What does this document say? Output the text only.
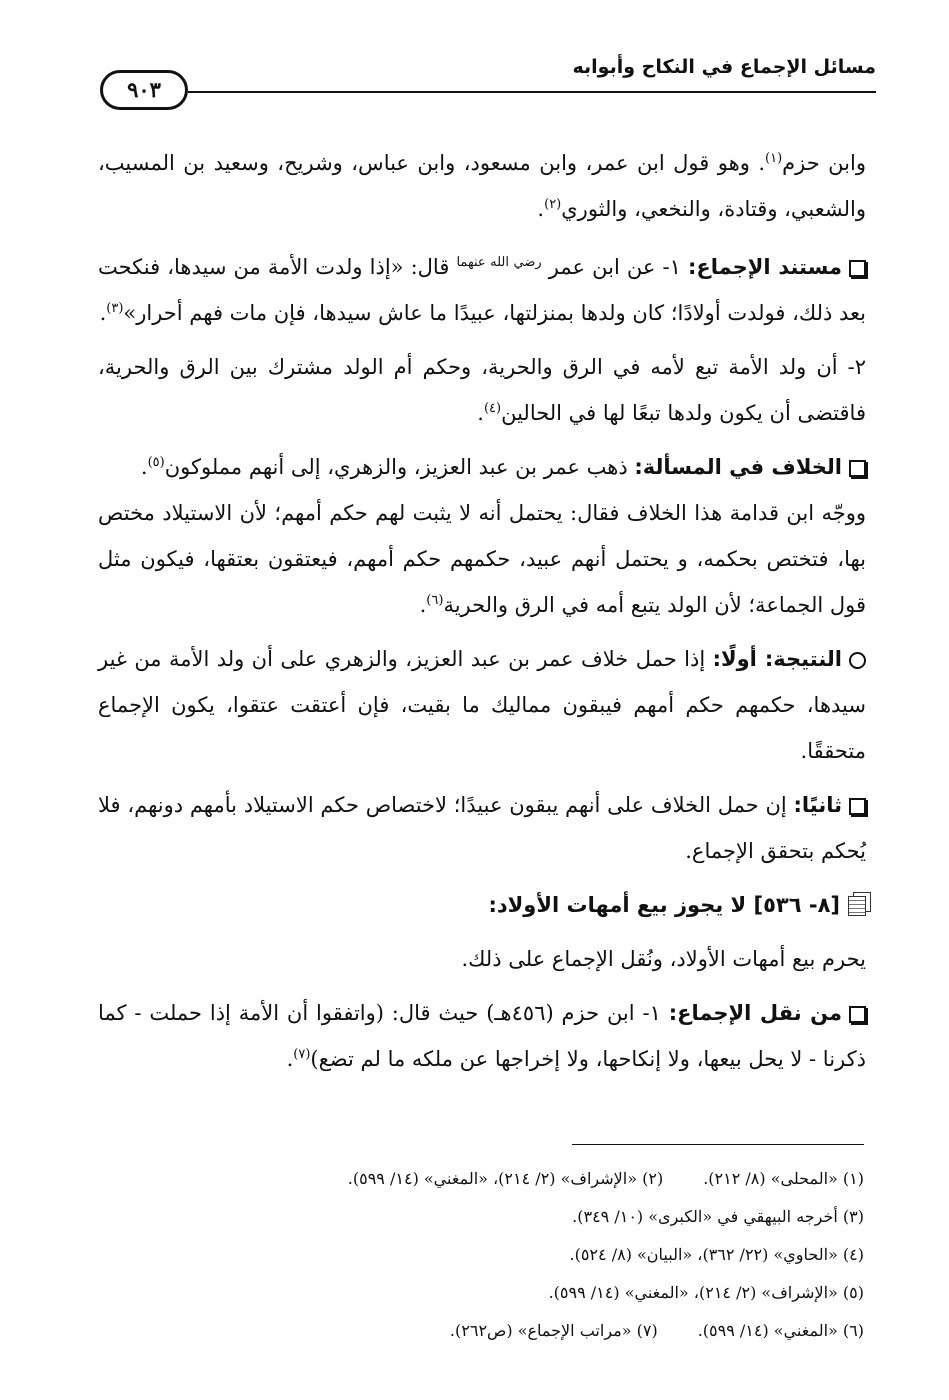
مسائل الإجماع في النكاح وأبوابه
٩٠٣

وابن حزم$^{(١)}$. وهو قول ابن عمر، وابن مسعود، وابن عباس، وشريح، وسعيد بن المسيب، والشعبي، وقتادة، والنخعي، والثوري$^{(٢)}$.

مستند الإجماع: ١- عن ابن عمر $^{رضي الله عنهما}$ قال: «إذا ولدت الأمة من سيدها، فنكحت بعد ذلك، فولدت أولادًا؛ كان ولدها بمنزلتها، عبيدًا ما عاش سيدها، فإن مات فهم أحرار»$^{(٣)}$.

٢- أن ولد الأمة تبع لأمه في الرق والحرية، وحكم أم الولد مشترك بين الرق والحرية، فاقتضى أن يكون ولدها تبعًا لها في الحالين$^{(٤)}$.

الخلاف في المسألة: ذهب عمر بن عبد العزيز، والزهري، إلى أنهم مملوكون$^{(٥)}$.

ووجّه ابن قدامة هذا الخلاف فقال: يحتمل أنه لا يثبت لهم حكم أمهم؛ لأن الاستيلاد مختص بها، فتختص بحكمه، و يحتمل أنهم عبيد، حكمهم حكم أمهم، فيعتقون بعتقها، فيكون مثل قول الجماعة؛ لأن الولد يتبع أمه في الرق والحرية$^{(٦)}$.

النتيجة: أولًا: إذا حمل خلاف عمر بن عبد العزيز، والزهري على أن ولد الأمة من غير سيدها، حكمهم حكم أمهم فيبقون مماليك ما بقيت، فإن أعتقت عتقوا، يكون الإجماع متحققًا.

ثانيًا: إن حمل الخلاف على أنهم يبقون عبيدًا؛ لاختصاص حكم الاستيلاد بأمهم دونهم، فلا يُحكم بتحقق الإجماع.

[٨- ٥٣٦] لا يجوز بيع أمهات الأولاد:

يحرم بيع أمهات الأولاد، ونُقل الإجماع على ذلك.

من نقل الإجماع: ١- ابن حزم (٤٥٦هـ) حيث قال: (واتفقوا أن الأمة إذا حملت - كما ذكرنا - لا يحل بيعها، ولا إنكاحها، ولا إخراجها عن ملكه ما لم تضع)$^{(٧)}$.

(١) «المحلى» (٨/ ٢١٢).(٢) «الإشراف» (٢/ ٢١٤)، «المغني» (١٤/ ٥٩٩).
(٣) أخرجه البيهقي في «الكبرى» (١٠/ ٣٤٩).
(٤) «الحاوي» (٢٢/ ٣٦٢)، «البيان» (٨/ ٥٢٤).
(٥) «الإشراف» (٢/ ٢١٤)، «المغني» (١٤/ ٥٩٩).
(٦) «المغني» (١٤/ ٥٩٩).(٧) «مراتب الإجماع» (ص٢٦٢).
